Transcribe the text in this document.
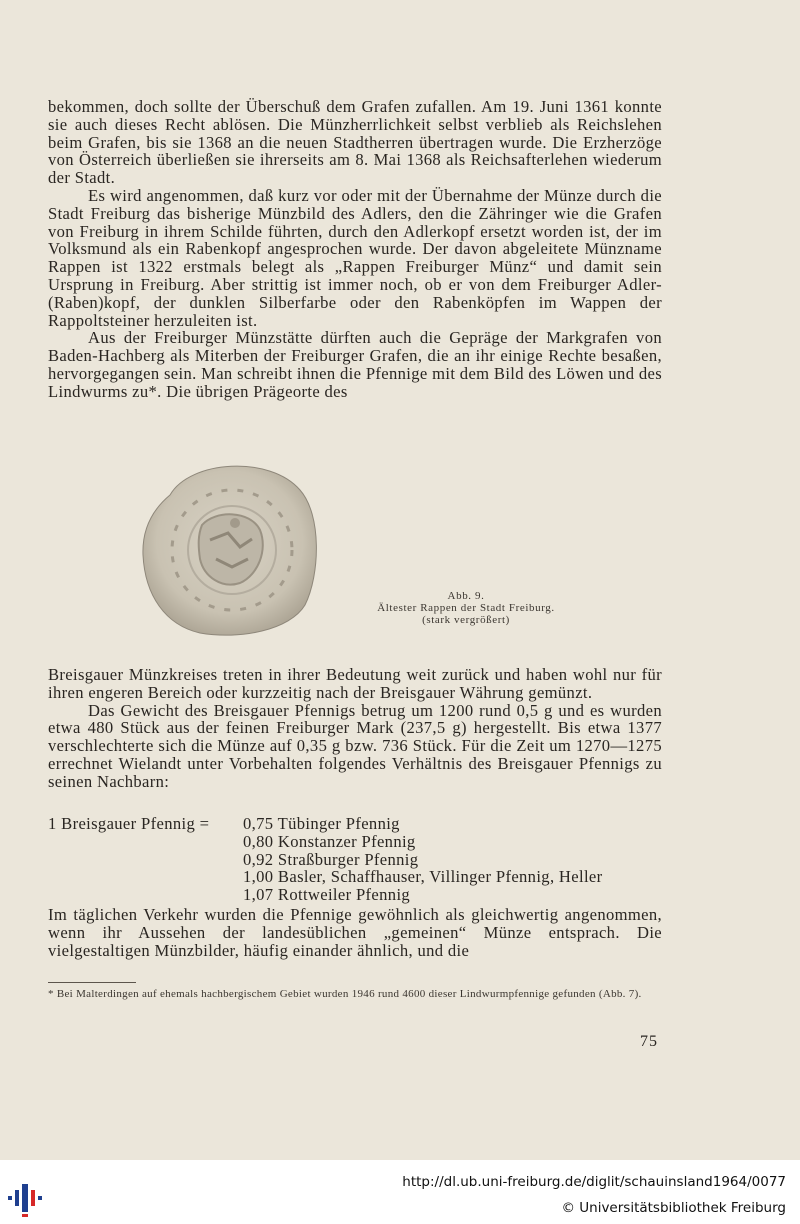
bekommen, doch sollte der Überschuß dem Grafen zufallen. Am 19. Juni 1361 konnte sie auch dieses Recht ablösen. Die Münzherrlichkeit selbst verblieb als Reichslehen beim Grafen, bis sie 1368 an die neuen Stadtherren übertragen wurde. Die Erzherzöge von Österreich überließen sie ihrerseits am 8. Mai 1368 als Reichsafterlehen wiederum der Stadt.

Es wird angenommen, daß kurz vor oder mit der Übernahme der Münze durch die Stadt Freiburg das bisherige Münzbild des Adlers, den die Zähringer wie die Grafen von Freiburg in ihrem Schilde führten, durch den Adlerkopf ersetzt worden ist, der im Volksmund als ein Rabenkopf angesprochen wurde. Der davon abgeleitete Münzname Rappen ist 1322 erstmals belegt als „Rappen Freiburger Münz“ und damit sein Ursprung in Freiburg. Aber strittig ist immer noch, ob er von dem Freiburger Adler-(Raben)kopf, der dunklen Silberfarbe oder den Rabenköpfen im Wappen der Rappoltsteiner herzuleiten ist.

Aus der Freiburger Münzstätte dürften auch die Gepräge der Markgrafen von Baden-Hachberg als Miterben der Freiburger Grafen, die an ihr einige Rechte besaßen, hervorgegangen sein. Man schreibt ihnen die Pfennige mit dem Bild des Löwen und des Lindwurms zu*. Die übrigen Prägeorte des

Abb. 9.
Ältester Rappen der Stadt Freiburg.
(stark vergrößert)

Breisgauer Münzkreises treten in ihrer Bedeutung weit zurück und haben wohl nur für ihren engeren Bereich oder kurzzeitig nach der Breisgauer Währung gemünzt.

Das Gewicht des Breisgauer Pfennigs betrug um 1200 rund 0,5 g und es wurden etwa 480 Stück aus der feinen Freiburger Mark (237,5 g) hergestellt. Bis etwa 1377 verschlechterte sich die Münze auf 0,35 g bzw. 736 Stück. Für die Zeit um 1270—1275 errechnet Wielandt unter Vorbehalten folgendes Verhältnis des Breisgauer Pfennigs zu seinen Nachbarn:

1 Breisgauer Pfennig = 0,75 Tübinger Pfennig
0,80 Konstanzer Pfennig
0,92 Straßburger Pfennig
1,00 Basler, Schaffhauser, Villinger Pfennig, Heller
1,07 Rottweiler Pfennig

Im täglichen Verkehr wurden die Pfennige gewöhnlich als gleichwertig angenommen, wenn ihr Aussehen der landesüblichen „gemeinen“ Münze entsprach. Die vielgestaltigen Münzbilder, häufig einander ähnlich, und die

* Bei Malterdingen auf ehemals hachbergischem Gebiet wurden 1946 rund 4600 dieser Lindwurmpfennige gefunden (Abb. 7).
75
http://dl.ub.uni-freiburg.de/diglit/schauinsland1964/0077
© Universitätsbibliothek Freiburg
